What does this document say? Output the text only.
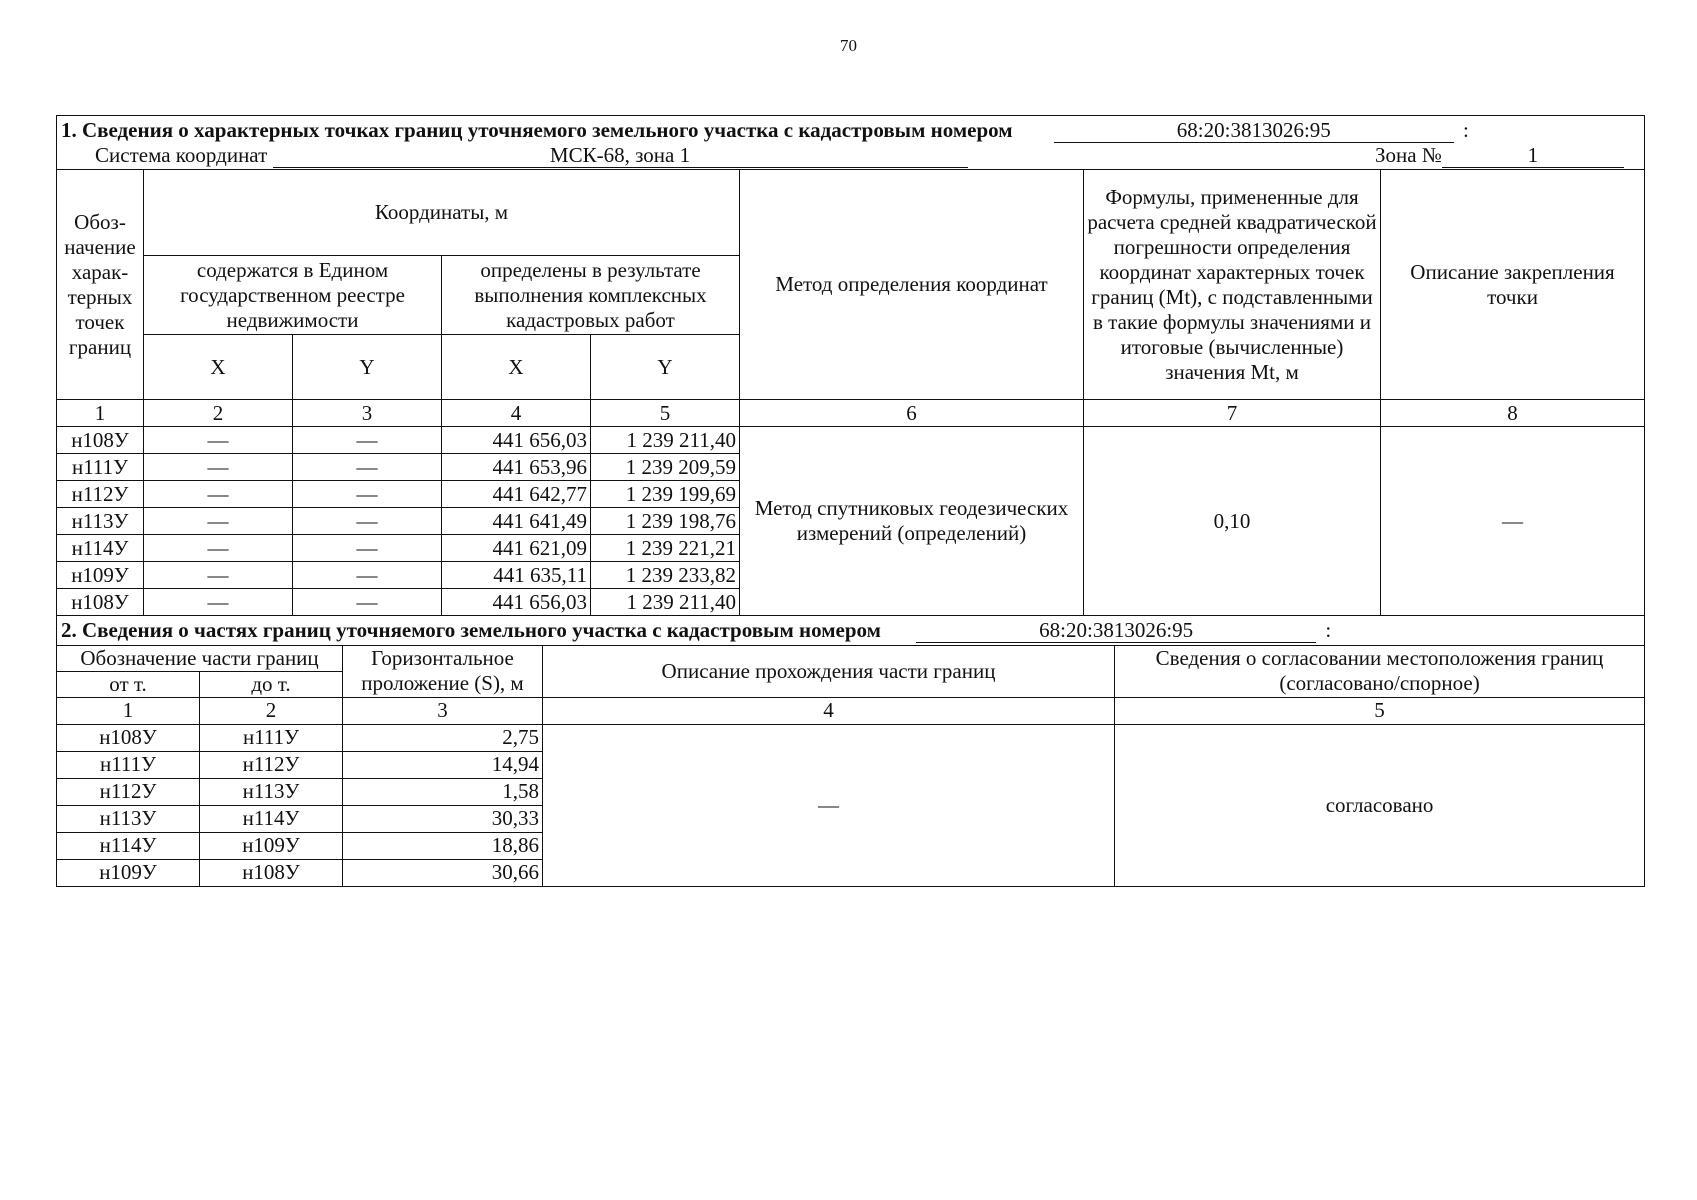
70
1. Сведения о характерных точках границ уточняемого земельного участка с кадастровым номером 68:20:3813026:95 :
Система координат МСК-68, зона 1 Зона № 1							

Обоз-начение харак-терных точек границ	Координаты, м				Метод определения координат	Формулы, примененные для расчета средней квадратической погрешности определения координат характерных точек границ (Mt), с подставленными в такие формулы значениями и итоговые (вычисленные) значения Mt, м	Описание закрепления точки
	содержатся в Едином государственном реестре недвижимости		определены в результате выполнения комплексных кадастровых работ				
	X	Y	X	Y			
1	2	3	4	5	6	7	8
н108У	—	—	441 656,03	1 239 211,40	Метод спутниковых геодезических измерений (определений)	0,10	—
н111У	—	—	441 653,96	1 239 209,59			
н112У	—	—	441 642,77	1 239 199,69			
н113У	—	—	441 641,49	1 239 198,76			
н114У	—	—	441 621,09	1 239 221,21			
н109У	—	—	441 635,11	1 239 233,82			
н108У	—	—	441 656,03	1 239 211,40			
2. Сведения о частях границ уточняемого земельного участка с кадастровым номером 68:20:3813026:95 :				
Обозначение части границ		Горизонтальное проложение (S), м	Описание прохождения части границ	Сведения о согласовании местоположения границ (согласовано/спорное)
от т.	до т.			
1	2	3	4	5
н108У	н111У	2,75	—	согласовано
н111У	н112У	14,94		
н112У	н113У	1,58		
н113У	н114У	30,33		
н114У	н109У	18,86		
н109У	н108У	30,66		
